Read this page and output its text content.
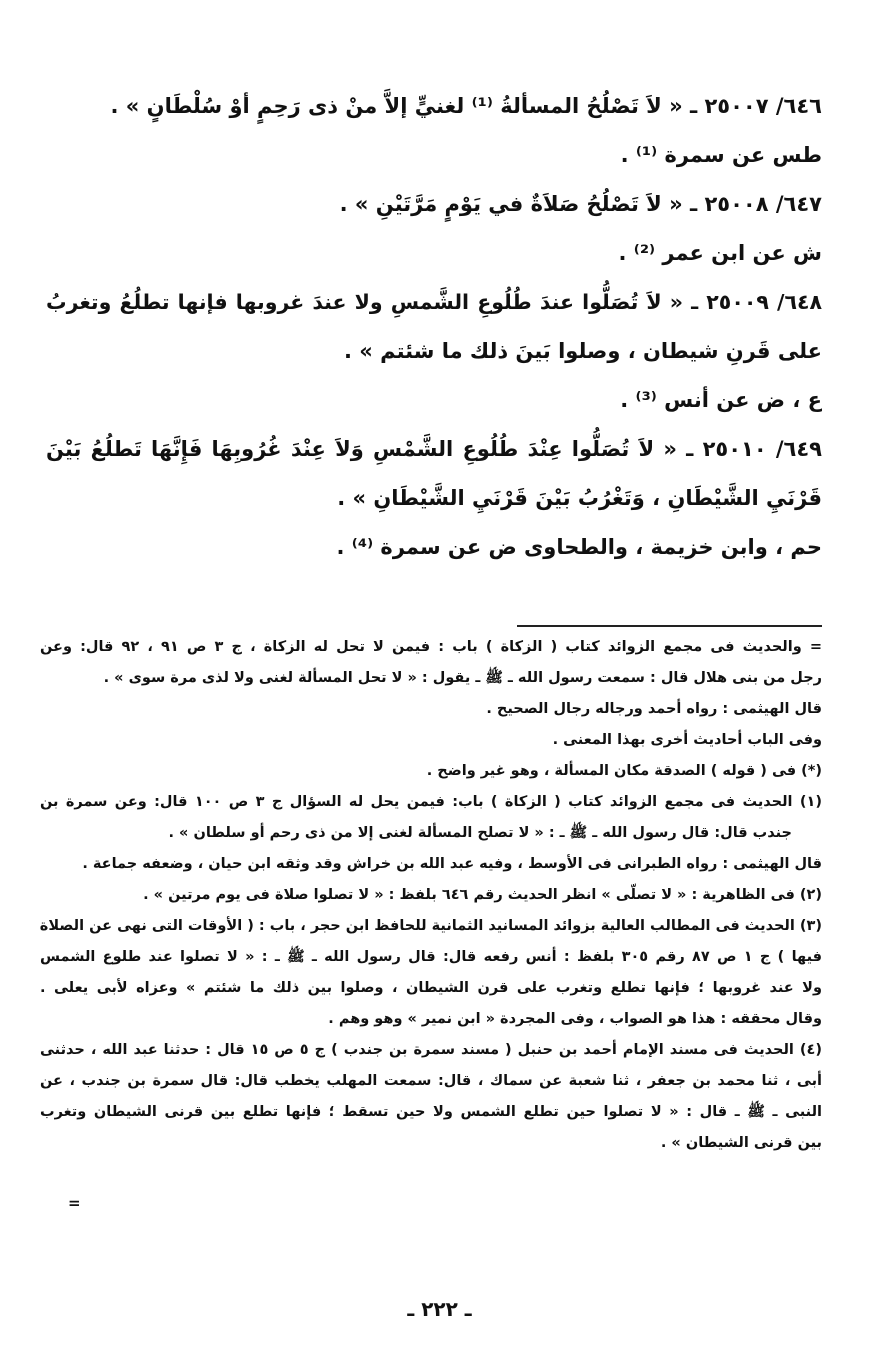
٦٤٦/ ٢٥٠٠٧ ـ « لاَ تَصْلُحُ المسألةُ ⁽¹⁾ لغنيٍّ إلاَّ منْ ذى رَحِمٍ أوْ سُلْطَانٍ » .
طس عن سمرة ⁽¹⁾ .
٦٤٧/ ٢٥٠٠٨ ـ « لاَ تَصْلُحُ صَلاَةٌ في يَوْمٍ مَرَّتَيْنِ » .
ش عن ابن عمر ⁽²⁾ .
٦٤٨/ ٢٥٠٠٩ ـ « لاَ تُصَلُّوا عندَ طُلُوعِ الشَّمسِ ولا عندَ غروبها فإنها تطلُعُ وتغربُ
على قَرنِ شيطان ، وصلوا بَينَ ذلك ما شئتم » .
ع ، ض عن أنس ⁽³⁾ .
٦٤٩/ ٢٥٠١٠ ـ « لاَ تُصَلُّوا عِنْدَ طُلُوعِ الشَّمْسِ وَلاَ عِنْدَ غُرُوبِهَا فَإِنَّهَا تَطلُعُ بَيْنَ
قَرْنَيِ الشَّيْطَانِ ، وَتَغْرُبُ بَيْنَ قَرْنَيِ الشَّيْطَانِ » .
حم ، وابن خزيمة ، والطحاوى ض عن سمرة ⁽⁴⁾ .
= والحديث فى مجمع الزوائد كتاب ( الزكاة ) باب : فيمن لا تحل له الزكاة ، ج ٣ ص ٩١ ، ٩٢ قال: وعن
رجل من بنى هلال قال : سمعت رسول الله ـ ﷺ ـ يقول : « لا تحل المسألة لغنى ولا لذى مرة سوى » .
قال الهيثمى : رواه أحمد ورجاله رجال الصحيح .
وفى الباب أحاديث أخرى بهذا المعنى .
(*) فى ( قوله ) الصدقة مكان المسألة ، وهو غير واضح .
(١) الحديث فى مجمع الزوائد كتاب ( الزكاة ) باب: فيمن يحل له السؤال ج ٣ ص ١٠٠ قال: وعن سمرة بن
جندب قال: قال رسول الله ـ ﷺ ـ : « لا تصلح المسألة لغنى إلا من ذى رحم أو سلطان » .
قال الهيثمى : رواه الطبرانى فى الأوسط ، وفيه عبد الله بن خراش وقد وثقه ابن حيان ، وضعفه جماعة .
(٢) فى الظاهرية : « لا تصلّى » انظر الحديث رقم ٦٤٦ بلفظ : « لا تصلوا صلاة فى يوم مرتين » .
(٣) الحديث فى المطالب العالية بزوائد المسانيد الثمانية للحافظ ابن حجر ، باب : ( الأوقات التى نهى عن الصلاة
فيها ) ج ١ ص ٨٧ رقم ٣٠٥ بلفظ : أنس رفعه قال: قال رسول الله ـ ﷺ ـ : « لا تصلوا عند طلوع الشمس
ولا عند غروبها ؛ فإنها تطلع وتغرب على قرن الشيطان ، وصلوا بين ذلك ما شئتم » وعزاه لأبى يعلى .
وقال محققه : هذا هو الصواب ، وفى المجردة « ابن نمير » وهو وهم .
(٤) الحديث فى مسند الإمام أحمد بن حنبل ( مسند سمرة بن جندب ) ج ٥ ص ١٥ قال : حدثنا عبد الله ، حدثنى
أبى ، ثنا محمد بن جعفر ، ثنا شعبة عن سماك ، قال: سمعت المهلب يخطب قال: قال سمرة بن جندب ، عن
النبى ـ ﷺ ـ قال : « لا تصلوا حين تطلع الشمس ولا حين تسقط ؛ فإنها تطلع بين قرنى الشيطان وتغرب
بين قرنى الشيطان » .
=
ـ ٢٢٢ ـ
